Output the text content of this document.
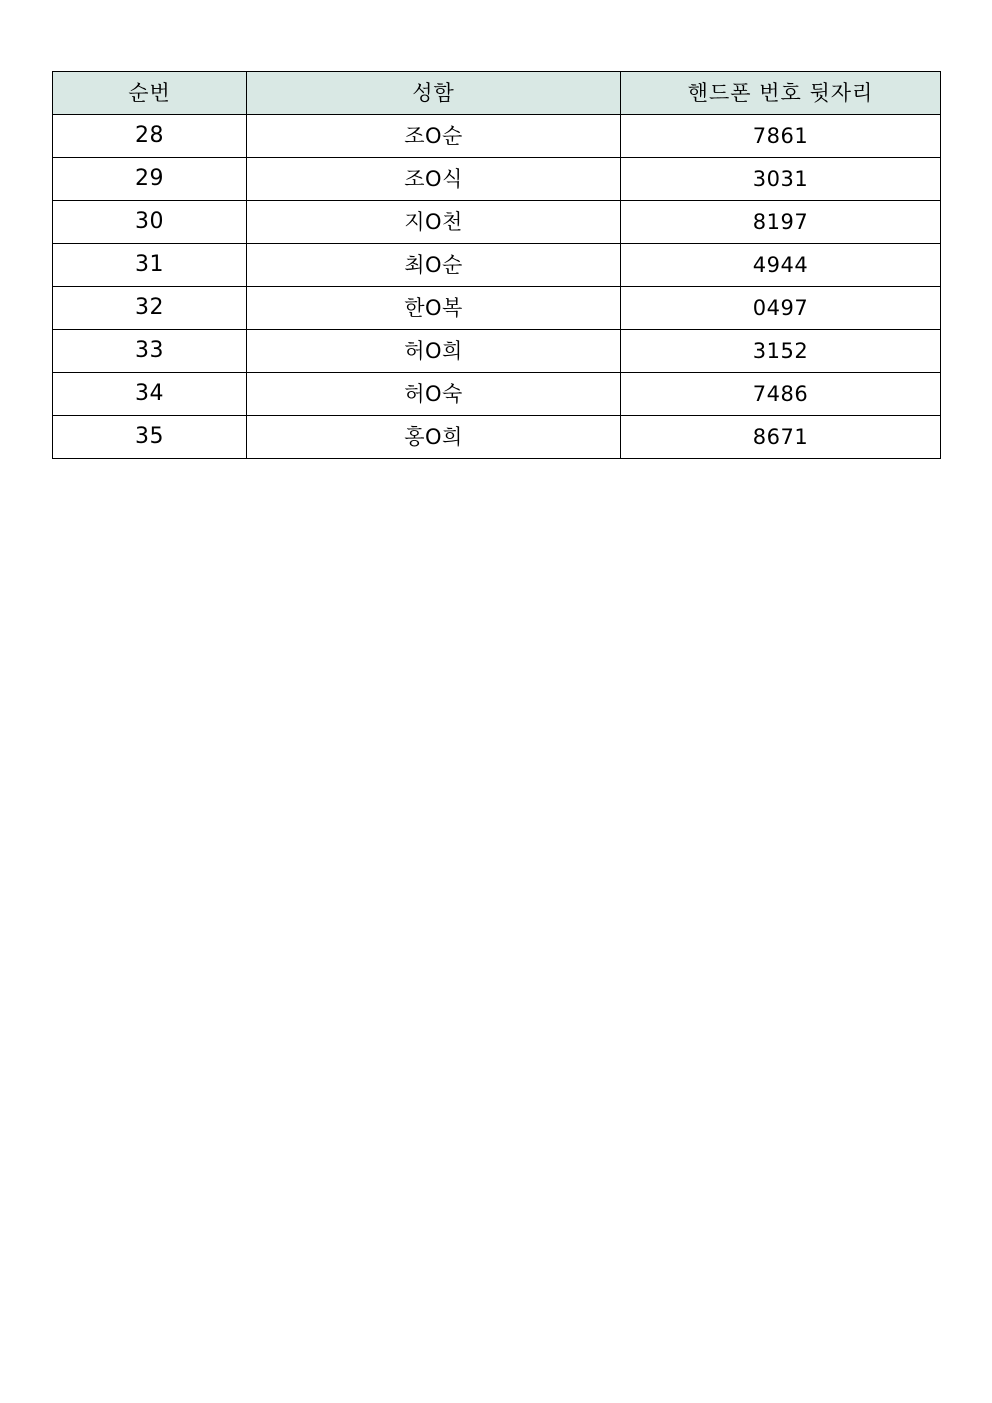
순번	성함	핸드폰 번호 뒷자리
28	조O순	7861
29	조O식	3031
30	지O천	8197
31	최O순	4944
32	한O복	0497
33	허O희	3152
34	허O숙	7486
35	홍O희	8671
